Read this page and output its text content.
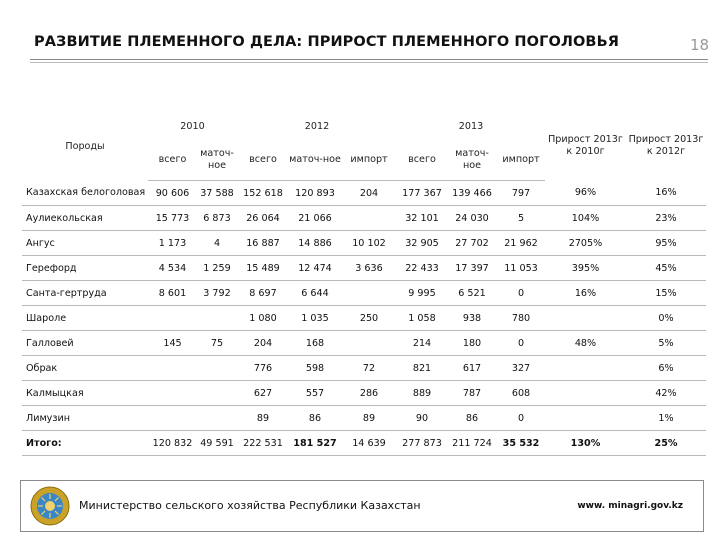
РАЗВИТИЕ ПЛЕМЕННОГО ДЕЛА: ПРИРОСТ ПЛЕМЕННОГО ПОГОЛОВЬЯ	18
Породы	2010		2012			2013			Прирост 2013г к 2010г	Прирост 2013г к 2012г
	всего	маточ-ное	всего	маточ-ное	импорт	всего	маточ-ное	импорт		
Казахская белоголовая	90 606	37 588	152 618	120 893	204	177 367	139 466	797	96%	16%
Аулиекольская	15 773	6 873	26 064	21 066		32 101	24 030	5	104%	23%
Ангус	1 173	4	16 887	14 886	10 102	32 905	27 702	21 962	2705%	95%
Герефорд	4 534	1 259	15 489	12 474	3 636	22 433	17 397	11 053	395%	45%
Санта-гертруда	8 601	3 792	8 697	6 644		9 995	6 521	0	16%	15%
Шароле			1 080	1 035	250	1 058	938	780		0%
Галловей	145	75	204	168		214	180	0	48%	5%
Обрак			776	598	72	821	617	327		6%
Калмыцкая			627	557	286	889	787	608		42%
Лимузин			89	86	89	90	86	0		1%
Итого:	120 832	49 591	222 531	181 527	14 639	277 873	211 724	35 532	130%	25%
Министерство сельского хозяйства Республики Казахстан	www. minagri.gov.kz
